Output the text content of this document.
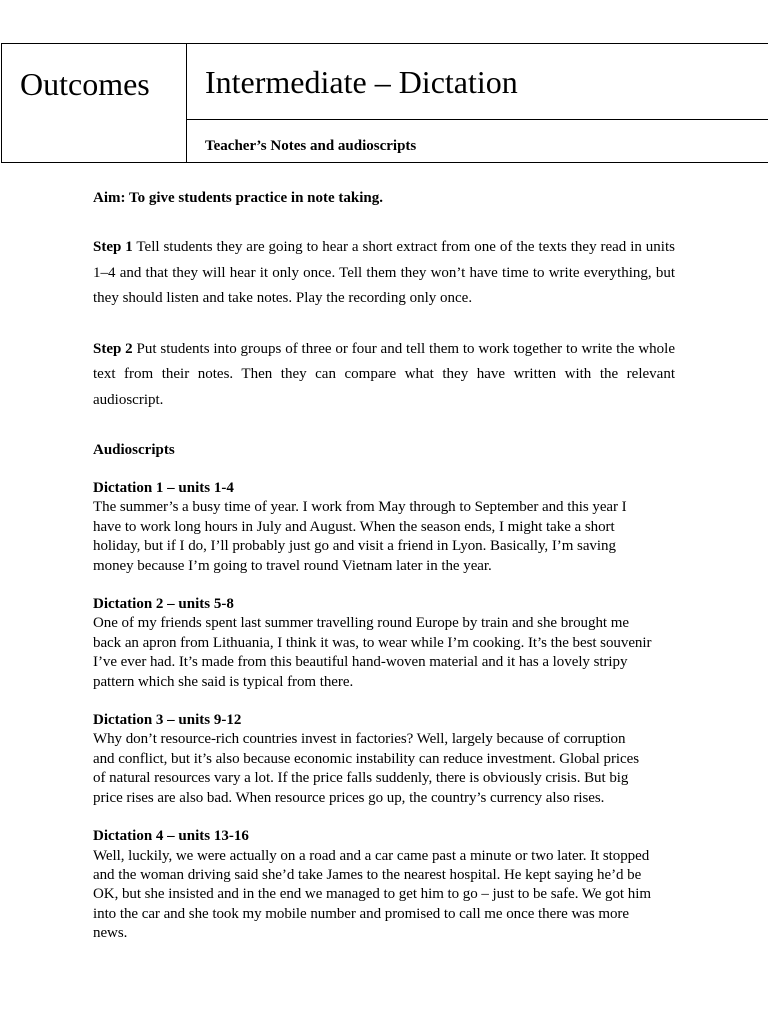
Outcomes Intermediate – Dictation
Teacher’s Notes and audioscripts

Aim: To give students practice in note taking.

Step 1 Tell students they are going to hear a short extract from one of the texts they read in units 1–4 and that they will hear it only once. Tell them they won’t have time to write everything, but they should listen and take notes. Play the recording only once.

Step 2 Put students into groups of three or four and tell them to work together to write the whole text from their notes. Then they can compare what they have written with the relevant audioscript.

Audioscripts

Dictation 1 – units 1-4

The summer’s a busy time of year. I work from May through to September and this year I
have to work long hours in July and August. When the season ends, I might take a short
holiday, but if I do, I’ll probably just go and visit a friend in Lyon. Basically, I’m saving
money because I’m going to travel round Vietnam later in the year.

Dictation 2 – units 5-8

One of my friends spent last summer travelling round Europe by train and she brought me
back an apron from Lithuania, I think it was, to wear while I’m cooking. It’s the best souvenir
I’ve ever had. It’s made from this beautiful hand-woven material and it has a lovely stripy
pattern which she said is typical from there.

Dictation 3 – units 9-12

Why don’t resource-rich countries invest in factories? Well, largely because of corruption
and conflict, but it’s also because economic instability can reduce investment. Global prices
of natural resources vary a lot. If the price falls suddenly, there is obviously crisis. But big
price rises are also bad. When resource prices go up, the country’s currency also rises.

Dictation 4 – units 13-16

Well, luckily, we were actually on a road and a car came past a minute or two later. It stopped
and the woman driving said she’d take James to the nearest hospital. He kept saying he’d be
OK, but she insisted and in the end we managed to get him to go – just to be safe. We got him
into the car and she took my mobile number and promised to call me once there was more
news.
